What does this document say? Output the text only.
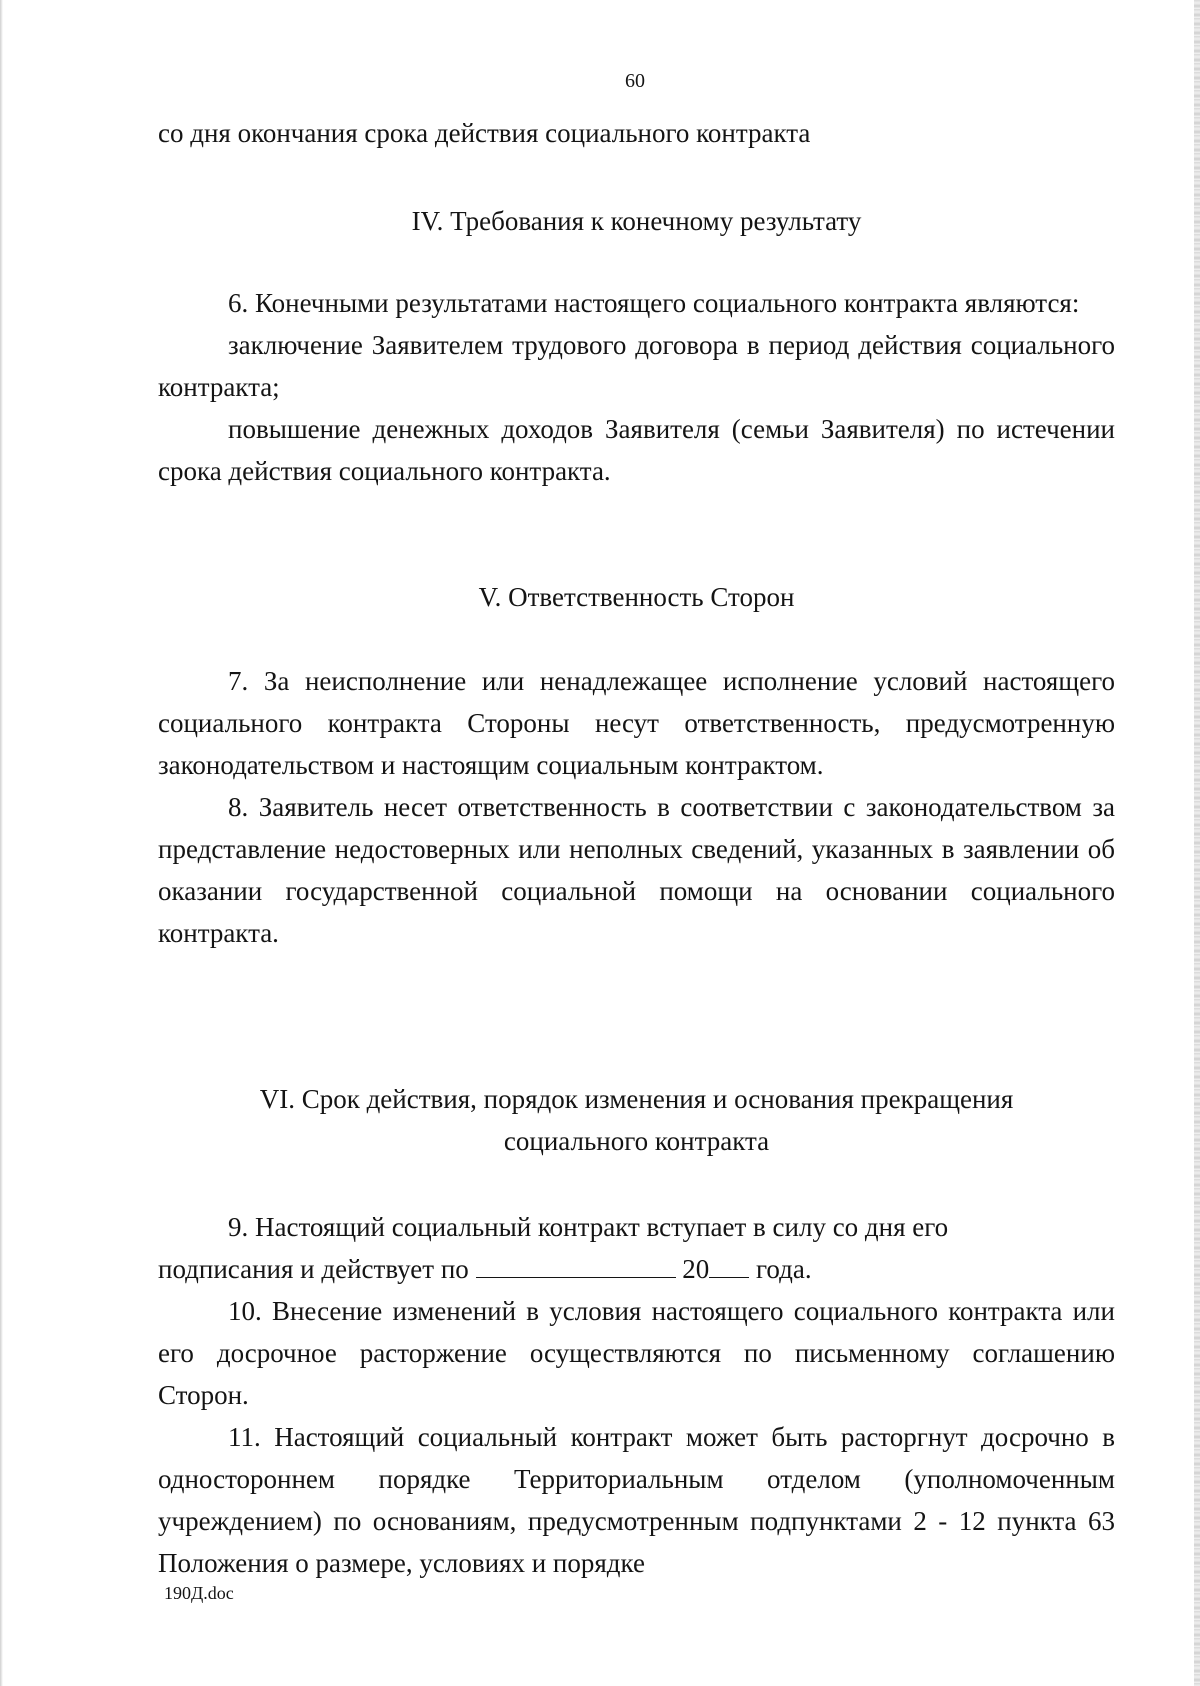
60

со дня окончания срока действия социального контракта

IV. Требования к конечному результату

6. Конечными результатами настоящего социального контракта являются:

заключение Заявителем трудового договора в период действия социального контракта;

повышение денежных доходов Заявителя (семьи Заявителя) по истечении срока действия социального контракта.

V. Ответственность Сторон

7. За неисполнение или ненадлежащее исполнение условий настоящего социального контракта Стороны несут ответственность, предусмотренную законодательством и настоящим социальным контрактом.

8. Заявитель несет ответственность в соответствии с законодательством за представление недостоверных или неполных сведений, указанных в заявлении об оказании государственной социальной помощи на основании социального контракта.

VI. Срок действия, порядок изменения и основания прекращения

социального контракта

9. Настоящий социальный контракт вступает в силу со дня его

подписания и действует по	20 года.

10. Внесение изменений в условия настоящего социального контракта или его досрочное расторжение осуществляются по письменному соглашению Сторон.

11. Настоящий социальный контракт может быть расторгнут досрочно в одностороннем порядке Территориальным отделом (уполномоченным учреждением) по основаниям, предусмотренным подпунктами 2 - 12 пункта 63 Положения о размере, условиях и порядке

190Д.doc
